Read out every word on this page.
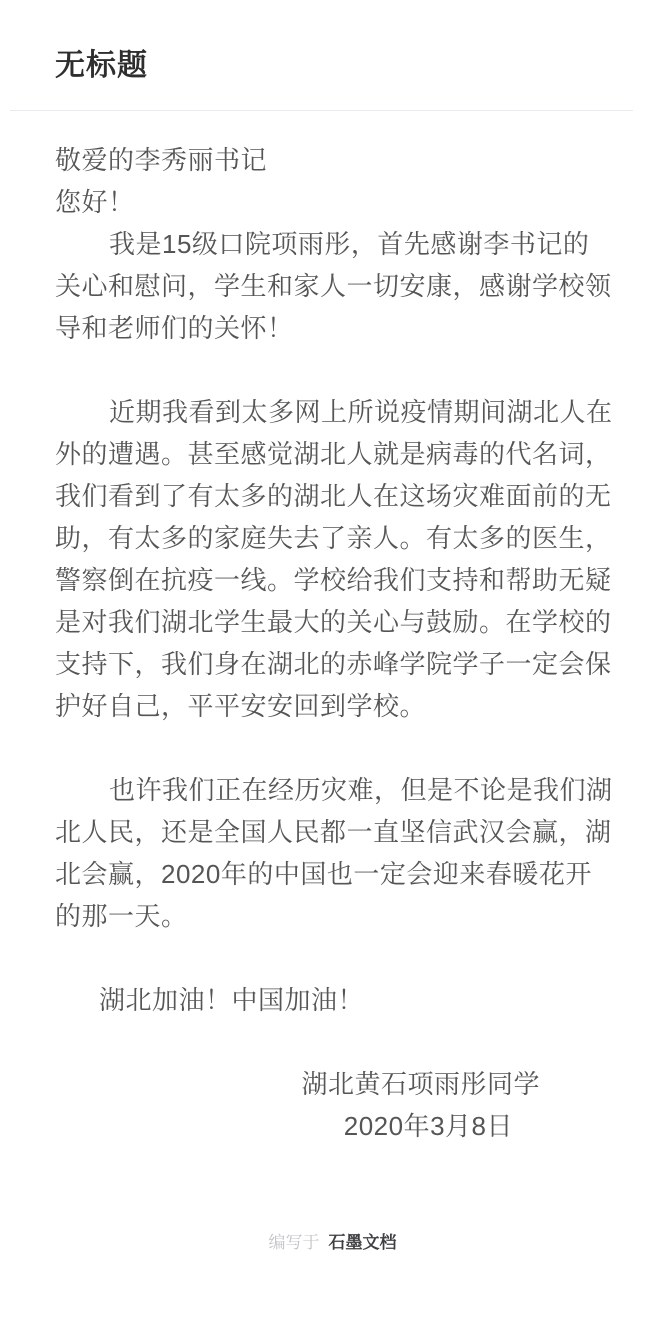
无标题
敬爱的李秀丽书记
您好！
我是15级口院项雨彤，首先感谢李书记的
关心和慰问，学生和家人一切安康，感谢学校领
导和老师们的关怀！
近期我看到太多网上所说疫情期间湖北人在
外的遭遇。甚至感觉湖北人就是病毒的代名词，
我们看到了有太多的湖北人在这场灾难面前的无
助，有太多的家庭失去了亲人。有太多的医生，
警察倒在抗疫一线。学校给我们支持和帮助无疑
是对我们湖北学生最大的关心与鼓励。在学校的
支持下，我们身在湖北的赤峰学院学子一定会保
护好自己，平平安安回到学校。
也许我们正在经历灾难，但是不论是我们湖
北人民，还是全国人民都一直坚信武汉会赢，湖
北会赢，2020年的中国也一定会迎来春暖花开
的那一天。
湖北加油！中国加油！
湖北黄石项雨彤同学
2020年3月8日
编写于 石墨文档
